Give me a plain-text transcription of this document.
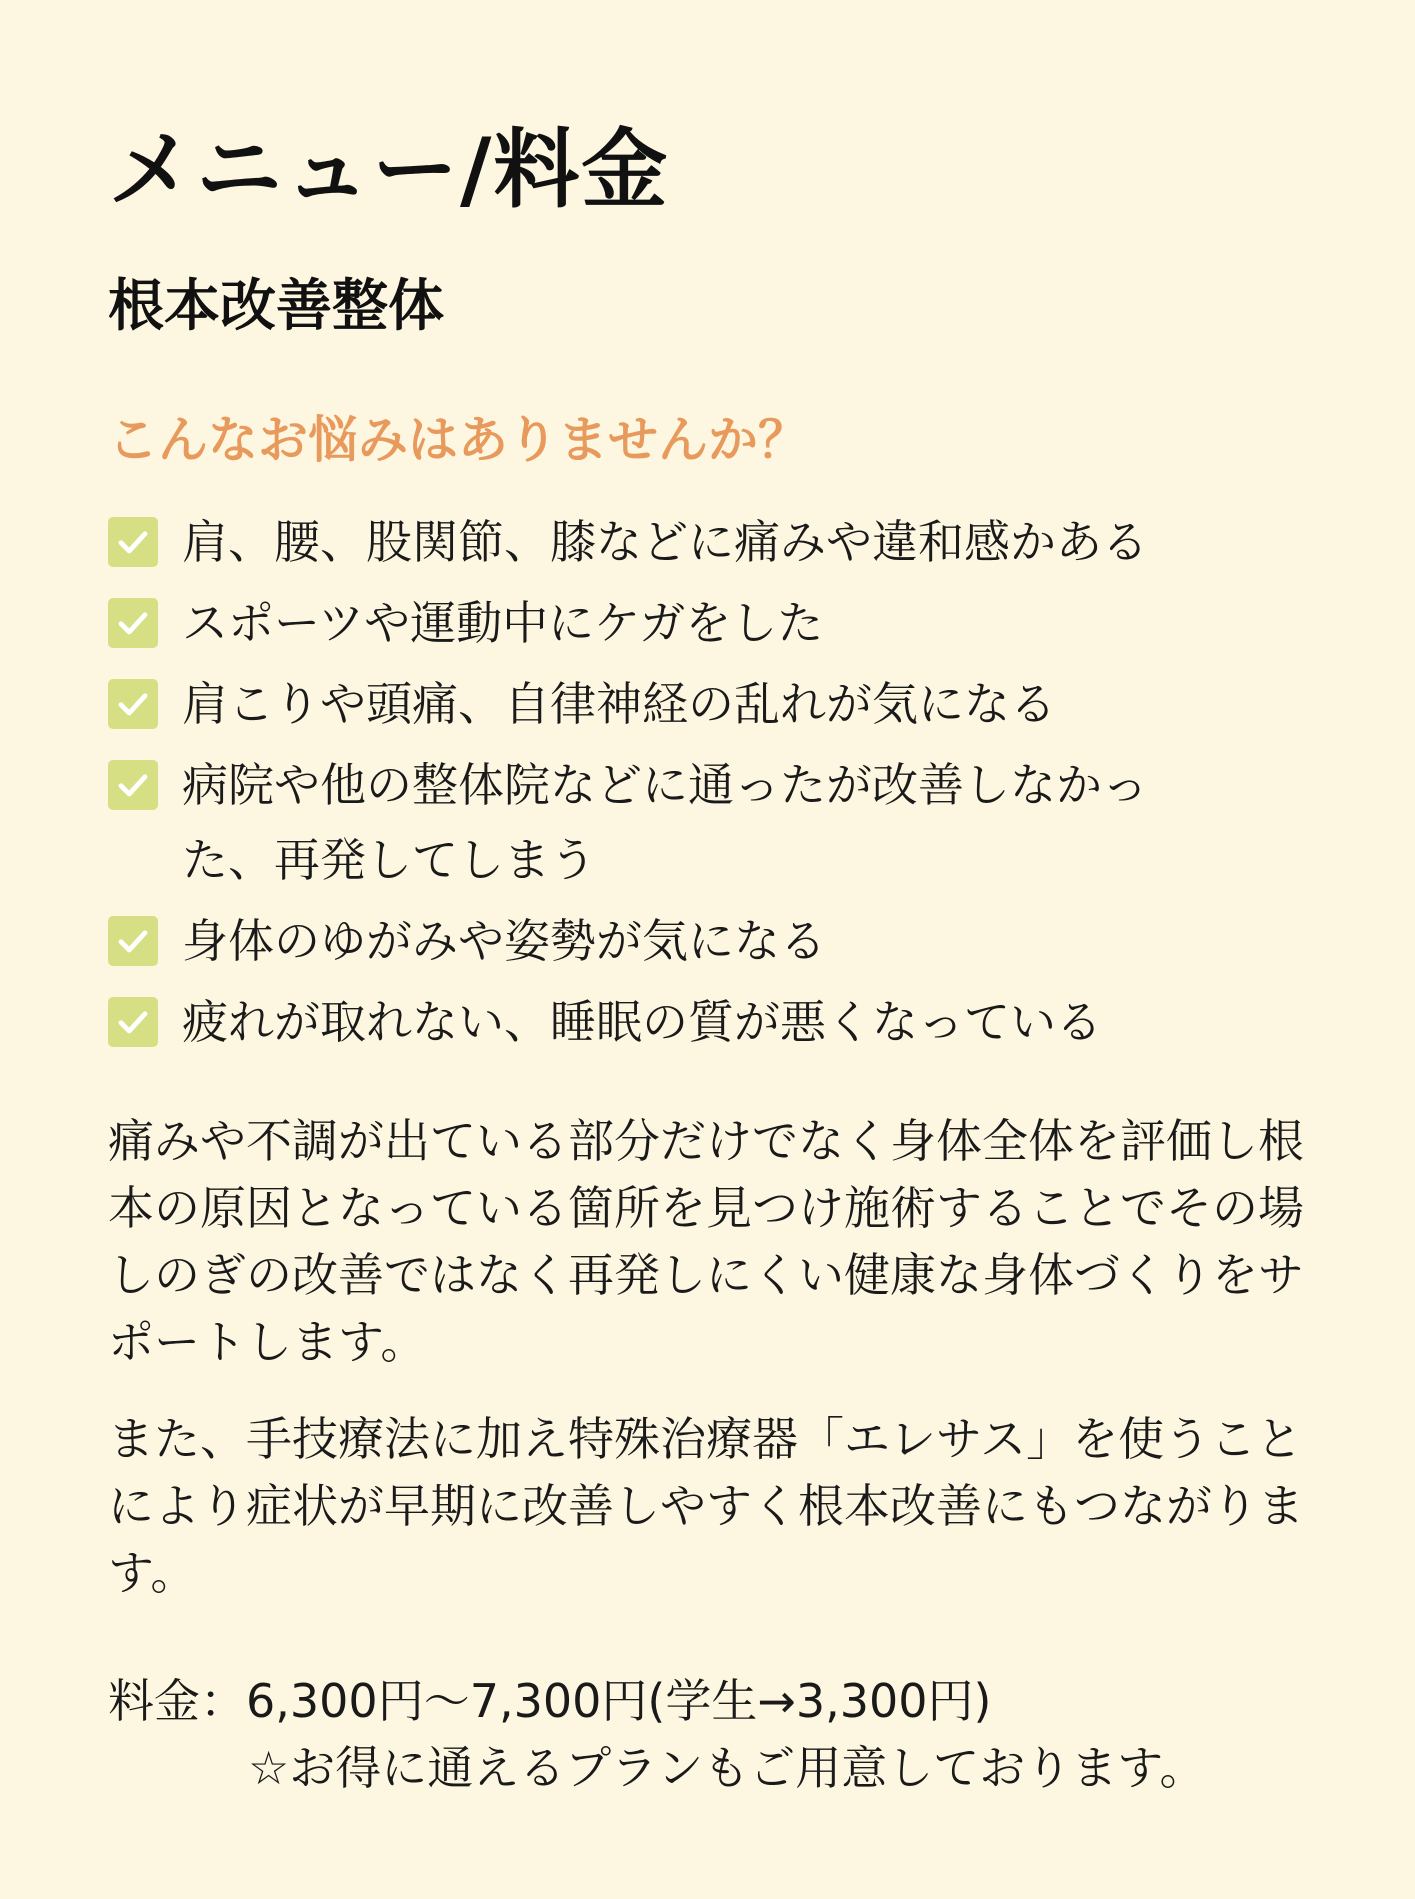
メニュー/料金
根本改善整体
こんなお悩みはありませんか？
肩、腰、股関節、膝などに痛みや違和感かある
スポーツや運動中にケガをした
肩こりや頭痛、自律神経の乱れが気になる
病院や他の整体院などに通ったが改善しなかった、再発してしまう
身体のゆがみや姿勢が気になる
疲れが取れない、睡眠の質が悪くなっている

痛みや不調が出ている部分だけでなく身体全体を評価し根本の原因となっている箇所を見つけ施術することでその場しのぎの改善ではなく再発しにくい健康な身体づくりをサポートします。

また、手技療法に加え特殊治療器「エレサス」を使うことにより症状が早期に改善しやすく根本改善にもつながります。

料金：6,300円〜7,300円(学生→3,300円)

☆お得に通えるプランもご用意しております。
